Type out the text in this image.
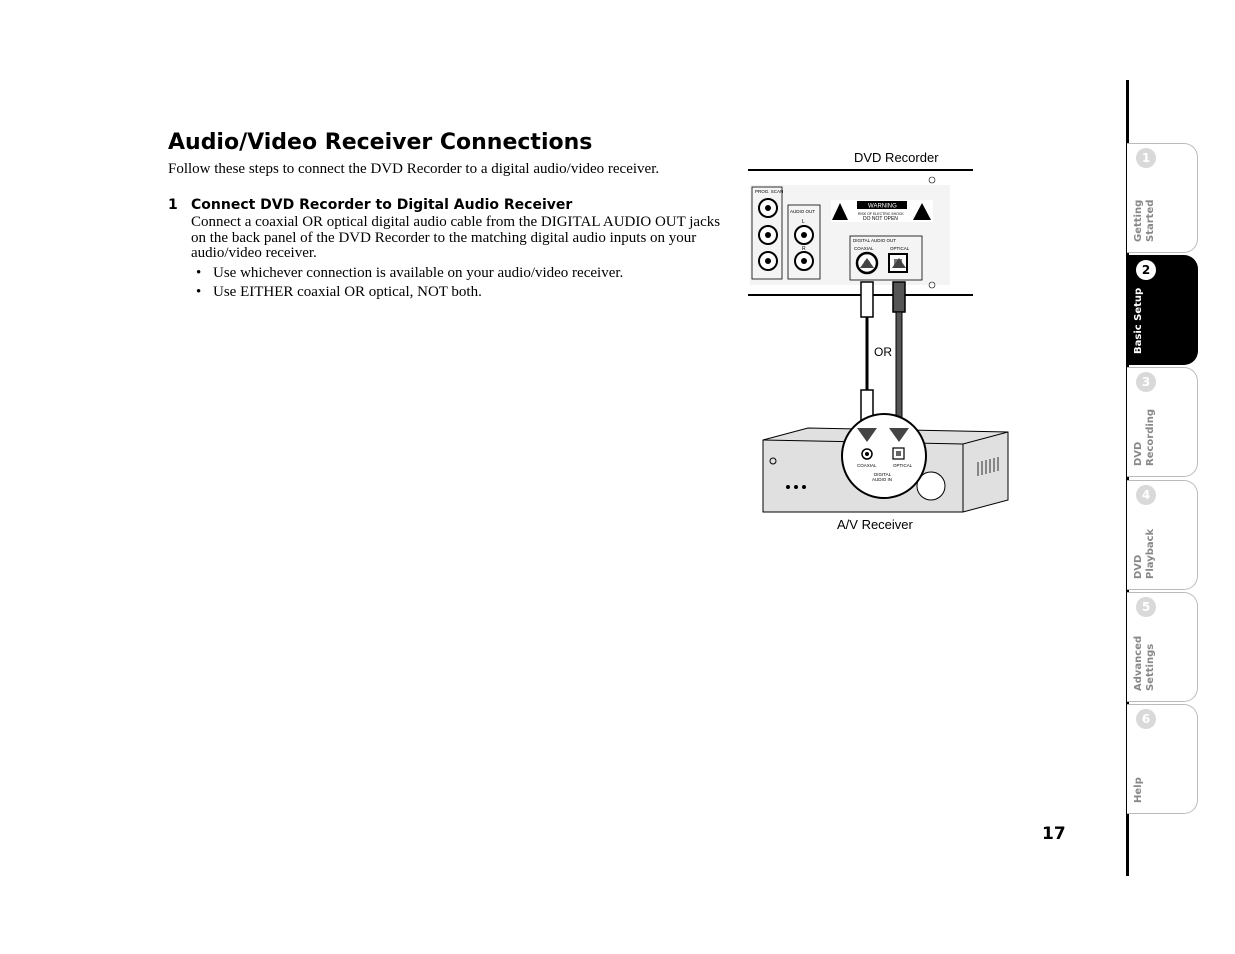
Audio/Video Receiver Connections
Follow these steps to connect the DVD Recorder to a digital audio/video receiver.
1 Connect DVD Recorder to Digital Audio Receiver
Connect a coaxial OR optical digital audio cable from the DIGITAL AUDIO OUT jacks on the back panel of the DVD Recorder to the matching digital audio inputs on your audio/video receiver.
• Use whichever connection is available on your audio/video receiver.
• Use EITHER coaxial OR optical, NOT both.
DVD Recorder
PROG. SCAN
AUDIO OUT
L
R
WARNING
RISK OF ELECTRIC SHOCK
DO NOT OPEN
DIGITAL AUDIO OUT
COAXIAL	OPTICAL
OR
COAXIAL	OPTICAL
DIGITAL
AUDIO IN
A/V Receiver
17
1
Getting
Started
2
Basic Setup
3
DVD
Recording
4
DVD
Playback
5
Advanced
Settings
6
Help
